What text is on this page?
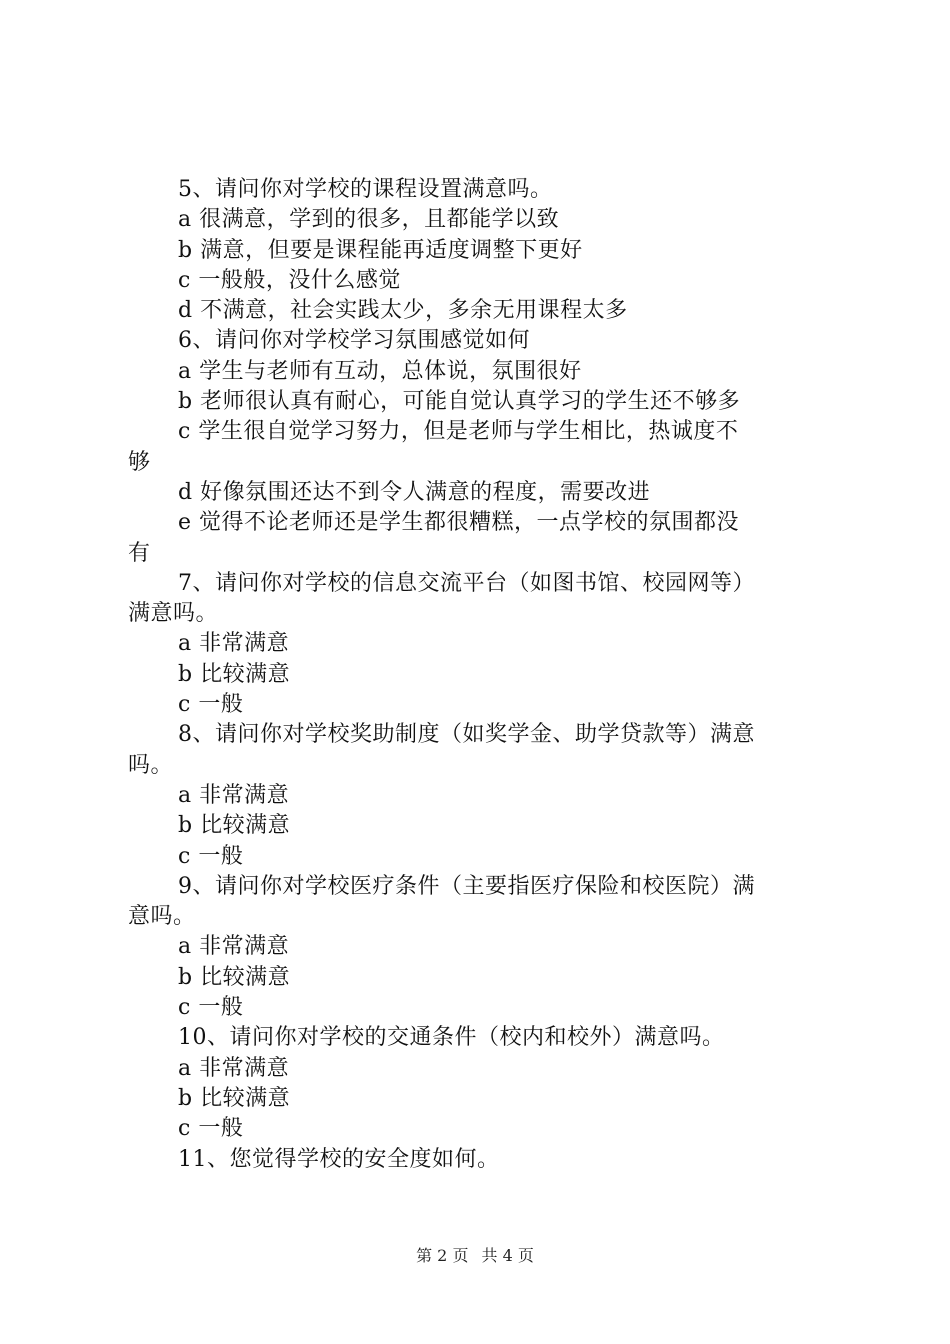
5、请问你对学校的课程设置满意吗。
a 很满意，学到的很多，且都能学以致
b 满意，但要是课程能再适度调整下更好
c 一般般，没什么感觉
d 不满意，社会实践太少，多余无用课程太多
6、请问你对学校学习氛围感觉如何
a 学生与老师有互动，总体说，氛围很好
b 老师很认真有耐心，可能自觉认真学习的学生还不够多
c 学生很自觉学习努力，但是老师与学生相比，热诚度不
够
d 好像氛围还达不到令人满意的程度，需要改进
e 觉得不论老师还是学生都很糟糕，一点学校的氛围都没
有
7、请问你对学校的信息交流平台（如图书馆、校园网等）
满意吗。
a 非常满意
b 比较满意
c 一般
8、请问你对学校奖助制度（如奖学金、助学贷款等）满意
吗。
a 非常满意
b 比较满意
c 一般
9、请问你对学校医疗条件（主要指医疗保险和校医院）满
意吗。
a 非常满意
b 比较满意
c 一般
10、请问你对学校的交通条件（校内和校外）满意吗。
a 非常满意
b 比较满意
c 一般
11、您觉得学校的安全度如何。
第 2 页 共 4 页
